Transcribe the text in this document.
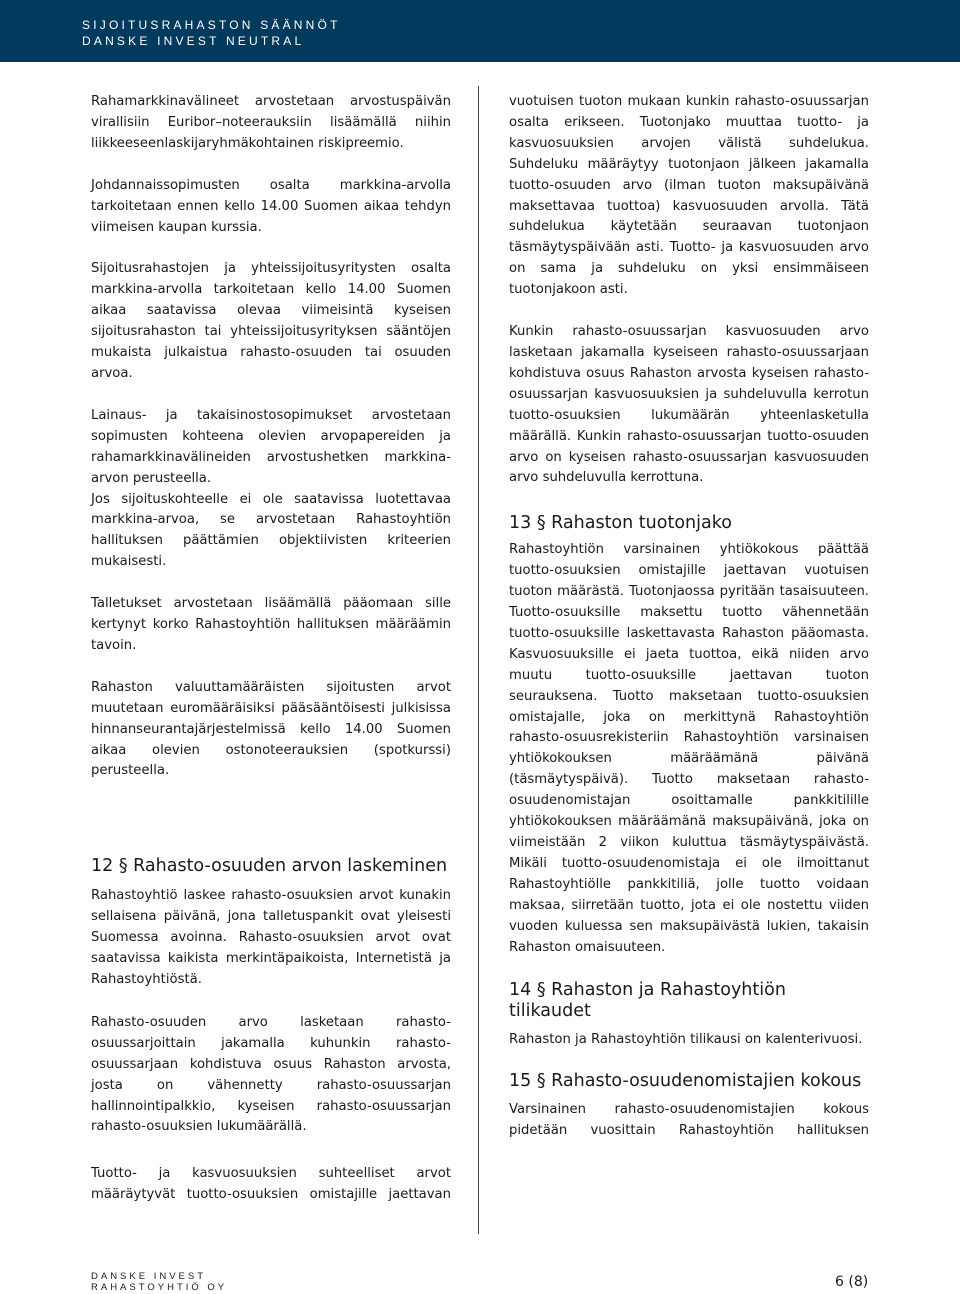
SIJOITUSRAHASTON SÄÄNNÖT
DANSKE INVEST NEUTRAL

Rahamarkkinavälineet arvostetaan arvostuspäivän virallisiin Euribor–noteerauksiin lisäämällä niihin liikkeeseenlaskijaryhmäkohtainen riskipreemio.

Johdannaissopimusten osalta markkina-arvolla tarkoitetaan ennen kello 14.00 Suomen aikaa tehdyn viimeisen kaupan kurssia.

Sijoitusrahastojen ja yhteissijoitusyritysten osalta markkina-arvolla tarkoitetaan kello 14.00 Suomen aikaa saatavissa olevaa viimeisintä kyseisen sijoitusrahaston tai yhteissijoitusyrityksen sääntöjen mukaista julkaistua rahasto-osuuden tai osuuden arvoa.

Lainaus- ja takaisinostosopimukset arvostetaan sopimusten kohteena olevien arvopapereiden ja rahamarkkinavälineiden arvostushetken markkina-arvon perusteella.

Jos sijoituskohteelle ei ole saatavissa luotettavaa markkina-arvoa, se arvostetaan Rahastoyhtiön hallituksen päättämien objektiivisten kriteerien mukaisesti.

Talletukset arvostetaan lisäämällä pääomaan sille kertynyt korko Rahastoyhtiön hallituksen määräämin tavoin.

Rahaston valuuttamääräisten sijoitusten arvot muutetaan euromääräisiksi pääsääntöisesti julkisissa hinnanseurantajärjestelmissä kello 14.00 Suomen aikaa olevien ostonoteerauksien (spotkurssi) perusteella.

12 § Rahasto-osuuden arvon laskeminen

Rahastoyhtiö laskee rahasto-osuuksien arvot kunakin sellaisena päivänä, jona talletuspankit ovat yleisesti Suomessa avoinna. Rahasto-osuuksien arvot ovat saatavissa kaikista merkintäpaikoista, Internetistä ja Rahastoyhtiöstä.

Rahasto-osuuden arvo lasketaan rahasto-osuussarjoittain jakamalla kuhunkin rahasto-osuussarjaan kohdistuva osuus Rahaston arvosta, josta on vähennetty rahasto-osuussarjan hallinnointipalkkio, kyseisen rahasto-osuussarjan rahasto-osuuksien lukumäärällä.

Tuotto- ja kasvuosuuksien suhteelliset arvot määräytyvät tuotto-osuuksien omistajille jaettavan

vuotuisen tuoton mukaan kunkin rahasto-osuussarjan osalta erikseen. Tuotonjako muuttaa tuotto- ja kasvuosuuksien arvojen välistä suhdelukua. Suhdeluku määräytyy tuotonjaon jälkeen jakamalla tuotto-osuuden arvo (ilman tuoton maksupäivänä maksettavaa tuottoa) kasvuosuuden arvolla. Tätä suhdelukua käytetään seuraavan tuotonjaon täsmäytyspäivään asti. Tuotto- ja kasvuosuuden arvo on sama ja suhdeluku on yksi ensimmäiseen tuotonjakoon asti.

Kunkin rahasto-osuussarjan kasvuosuuden arvo lasketaan jakamalla kyseiseen rahasto-osuussarjaan kohdistuva osuus Rahaston arvosta kyseisen rahasto-osuussarjan kasvuosuuksien ja suhdeluvulla kerrotun tuotto-osuuksien lukumäärän yhteenlasketulla määrällä. Kunkin rahasto-osuussarjan tuotto-osuuden arvo on kyseisen rahasto-osuussarjan kasvuosuuden arvo suhdeluvulla kerrottuna.

13 § Rahaston tuotonjako

Rahastoyhtiön varsinainen yhtiökokous päättää tuotto-osuuksien omistajille jaettavan vuotuisen tuoton määrästä. Tuotonjaossa pyritään tasaisuuteen. Tuotto-osuuksille maksettu tuotto vähennetään tuotto-osuuksille laskettavasta Rahaston pääomasta. Kasvuosuuksille ei jaeta tuottoa, eikä niiden arvo muutu tuotto-osuuksille jaettavan tuoton seurauksena. Tuotto maksetaan tuotto-osuuksien omistajalle, joka on merkittynä Rahastoyhtiön rahasto-osuusrekisteriin Rahastoyhtiön varsinaisen yhtiökokouksen määräämänä päivänä (täsmäytyspäivä). Tuotto maksetaan rahasto-osuudenomistajan osoittamalle pankkitilille yhtiökokouksen määräämänä maksupäivänä, joka on viimeistään 2 viikon kuluttua täsmäytyspäivästä. Mikäli tuotto-osuudenomistaja ei ole ilmoittanut Rahastoyhtiölle pankkitiliä, jolle tuotto voidaan maksaa, siirretään tuotto, jota ei ole nostettu viiden vuoden kuluessa sen maksupäivästä lukien, takaisin Rahaston omaisuuteen.

14 § Rahaston ja Rahastoyhtiön tilikaudet

Rahaston ja Rahastoyhtiön tilikausi on kalenterivuosi.

15 § Rahasto-osuudenomistajien kokous

Varsinainen rahasto-osuudenomistajien kokous pidetään vuosittain Rahastoyhtiön hallituksen

DANSKE INVEST
RAHASTOYHTIÖ OY	6 (8)
